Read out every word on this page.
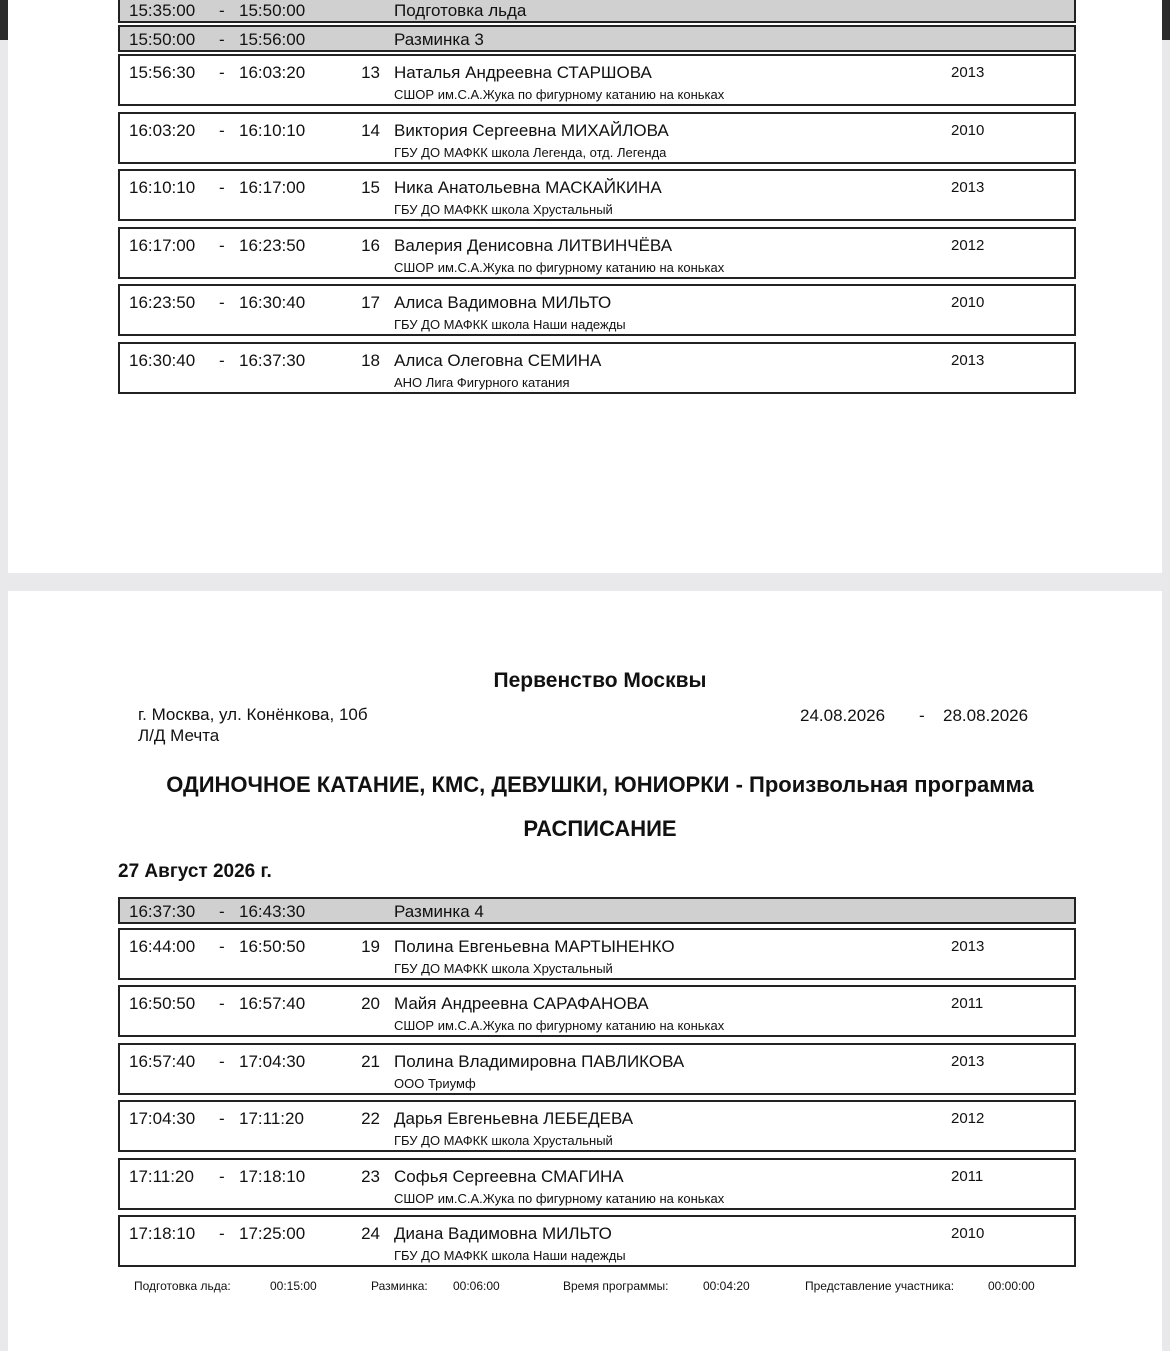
15:35:00 - 15:50:00	Подготовка льда
15:50:00 - 15:56:00	Разминка 3
15:56:30 - 16:03:20	13 Наталья Андреевна СТАРШОВА
СШОР им.С.А.Жука по фигурному катанию на коньках
2013
16:03:20 - 16:10:10	14 Виктория Сергеевна МИХАЙЛОВА
ГБУ ДО МАФКК школа Легенда, отд. Легенда
2010
16:10:10 - 16:17:00	15 Ника Анатольевна МАСКАЙКИНА
ГБУ ДО МАФКК школа Хрустальный
2013
16:17:00 - 16:23:50	16 Валерия Денисовна ЛИТВИНЧЁВА
СШОР им.С.А.Жука по фигурному катанию на коньках
2012
16:23:50 - 16:30:40	17 Алиса Вадимовна МИЛЬТО
ГБУ ДО МАФКК школа Наши надежды
2010
16:30:40 - 16:37:30	18 Алиса Олеговна СЕМИНА
АНО Лига Фигурного катания
2013
Первенство Москвы
г. Москва, ул. Конёнкова, 10б
Л/Д Мечта
24.08.2026 - 28.08.2026
ОДИНОЧНОЕ КАТАНИЕ, КМС, ДЕВУШКИ, ЮНИОРКИ - Произвольная программа
РАСПИСАНИЕ
27 Август 2026 г.
16:37:30 - 16:43:30	Разминка 4
16:44:00 - 16:50:50	19 Полина Евгеньевна МАРТЫНЕНКО
ГБУ ДО МАФКК школа Хрустальный
2013
16:50:50 - 16:57:40	20 Майя Андреевна САРАФАНОВА
СШОР им.С.А.Жука по фигурному катанию на коньках
2011
16:57:40 - 17:04:30	21 Полина Владимировна ПАВЛИКОВА
ООО Триумф
2013
17:04:30 - 17:11:20	22 Дарья Евгеньевна ЛЕБЕДЕВА
ГБУ ДО МАФКК школа Хрустальный
2012
17:11:20 - 17:18:10	23 Софья Сергеевна СМАГИНА
СШОР им.С.А.Жука по фигурному катанию на коньках
2011
17:18:10 - 17:25:00	24 Диана Вадимовна МИЛЬТО
ГБУ ДО МАФКК школа Наши надежды
2010
Подготовка льда:	00:15:00	Разминка: 00:06:00	Время программы:	00:04:20	Представление участника:	00:00:00
